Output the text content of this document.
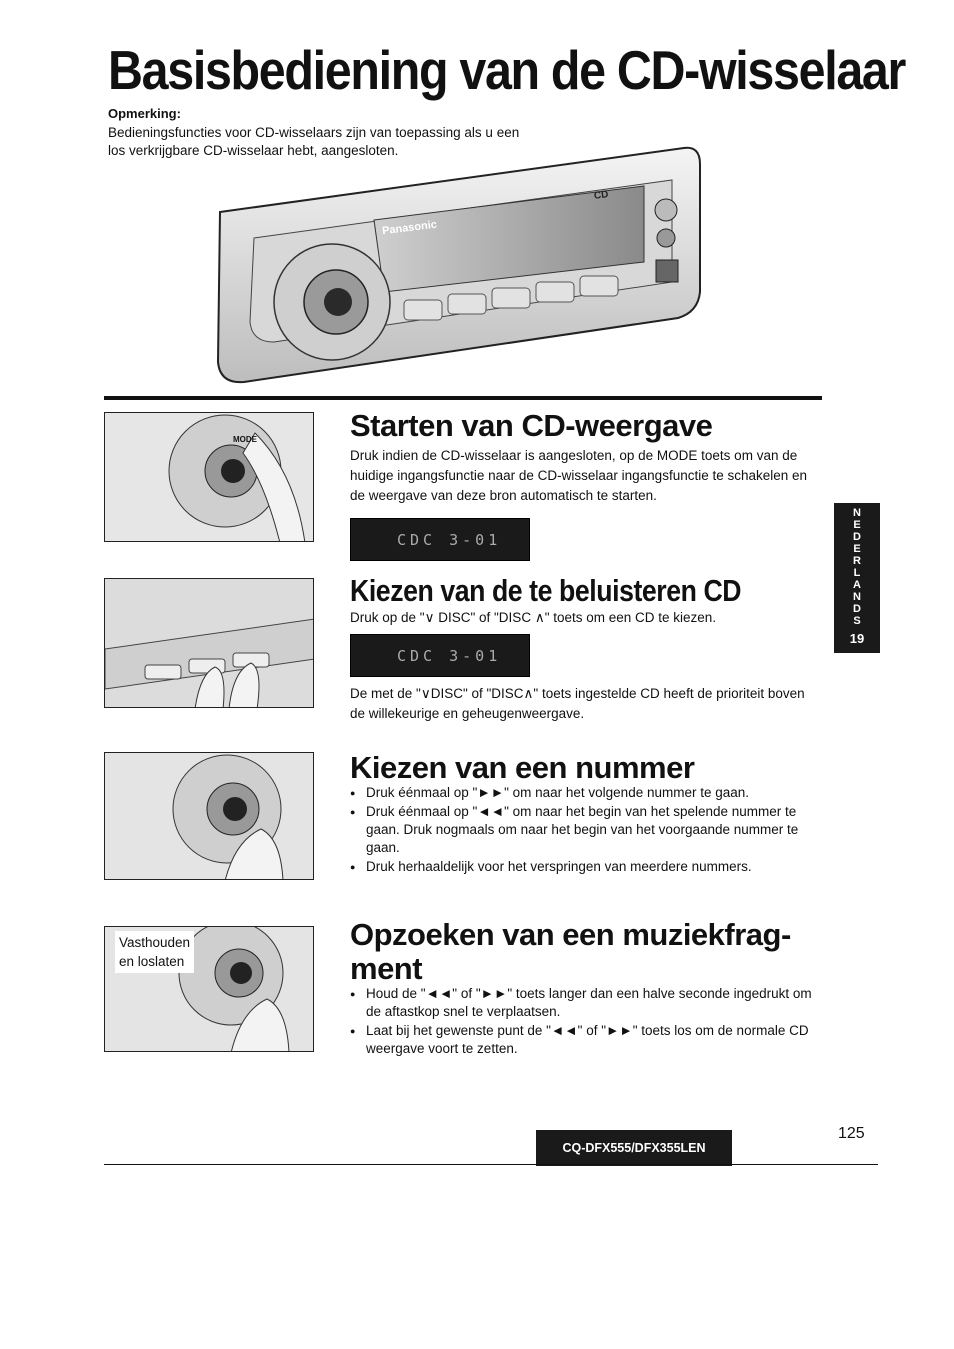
Basisbediening van de CD-wisselaar
Opmerking:
Bedieningsfuncties voor CD-wisselaars zijn van toepassing als u een los verkrijgbare CD-wisselaar hebt, aangesloten.
Panasonic
CD
MODE	Starten van CD-weergave
Druk indien de CD-wisselaar is aangesloten, op de MODE toets om van de huidige ingangsfunctie naar de CD-wisselaar ingangsfunctie te schakelen en de weergave van deze bron automatisch te starten.
CDC 3-01
Kiezen van de te beluisteren CD
Druk op de "∨ DISC" of "DISC ∧" toets om een CD te kiezen.
CDC 3-01
De met de "∨DISC" of "DISC∧" toets ingestelde CD heeft de prioriteit boven de willekeurige en geheugenweergave.
Kiezen van een nummer
● Druk éénmaal op "►►" om naar het volgende nummer te gaan.
● Druk éénmaal op "◄◄" om naar het begin van het spelende nummer te gaan. Druk nogmaals om naar het begin van het voorgaande nummer te gaan.
● Druk herhaaldelijk voor het verspringen van meerdere nummers.
Vasthouden
en loslaten
Opzoeken van een muziekfrag-
ment
● Houd de "◄◄" of "►►" toets langer dan een halve seconde ingedrukt om de aftastkop snel te verplaatsen.
● Laat bij het gewenste punt de "◄◄" of "►►" toets los om de normale CD weergave voort te zetten.
N
E
D
E
R
L
A
N
D
S
19
CQ-DFX555/DFX355LEN
125
